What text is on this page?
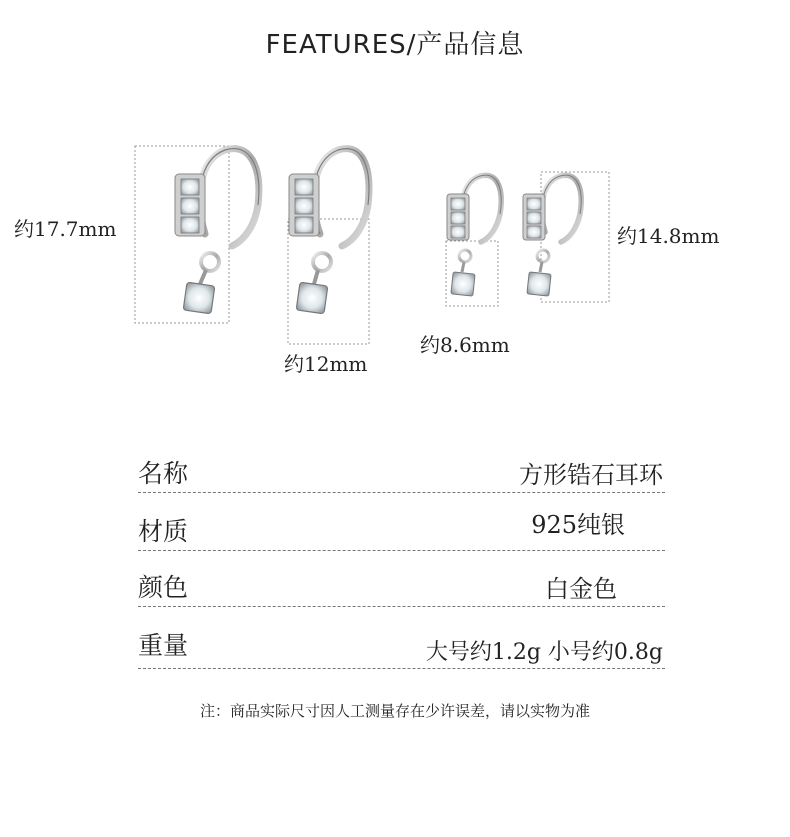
FEATURES/产品信息
约17.7mm
约12mm
约8.6mm
约14.8mm
名称	方形锆石耳环
材质	925纯银
颜色	白金色
重量	大号约1.2g 小号约0.8g
注：商品实际尺寸因人工测量存在少许误差，请以实物为准
